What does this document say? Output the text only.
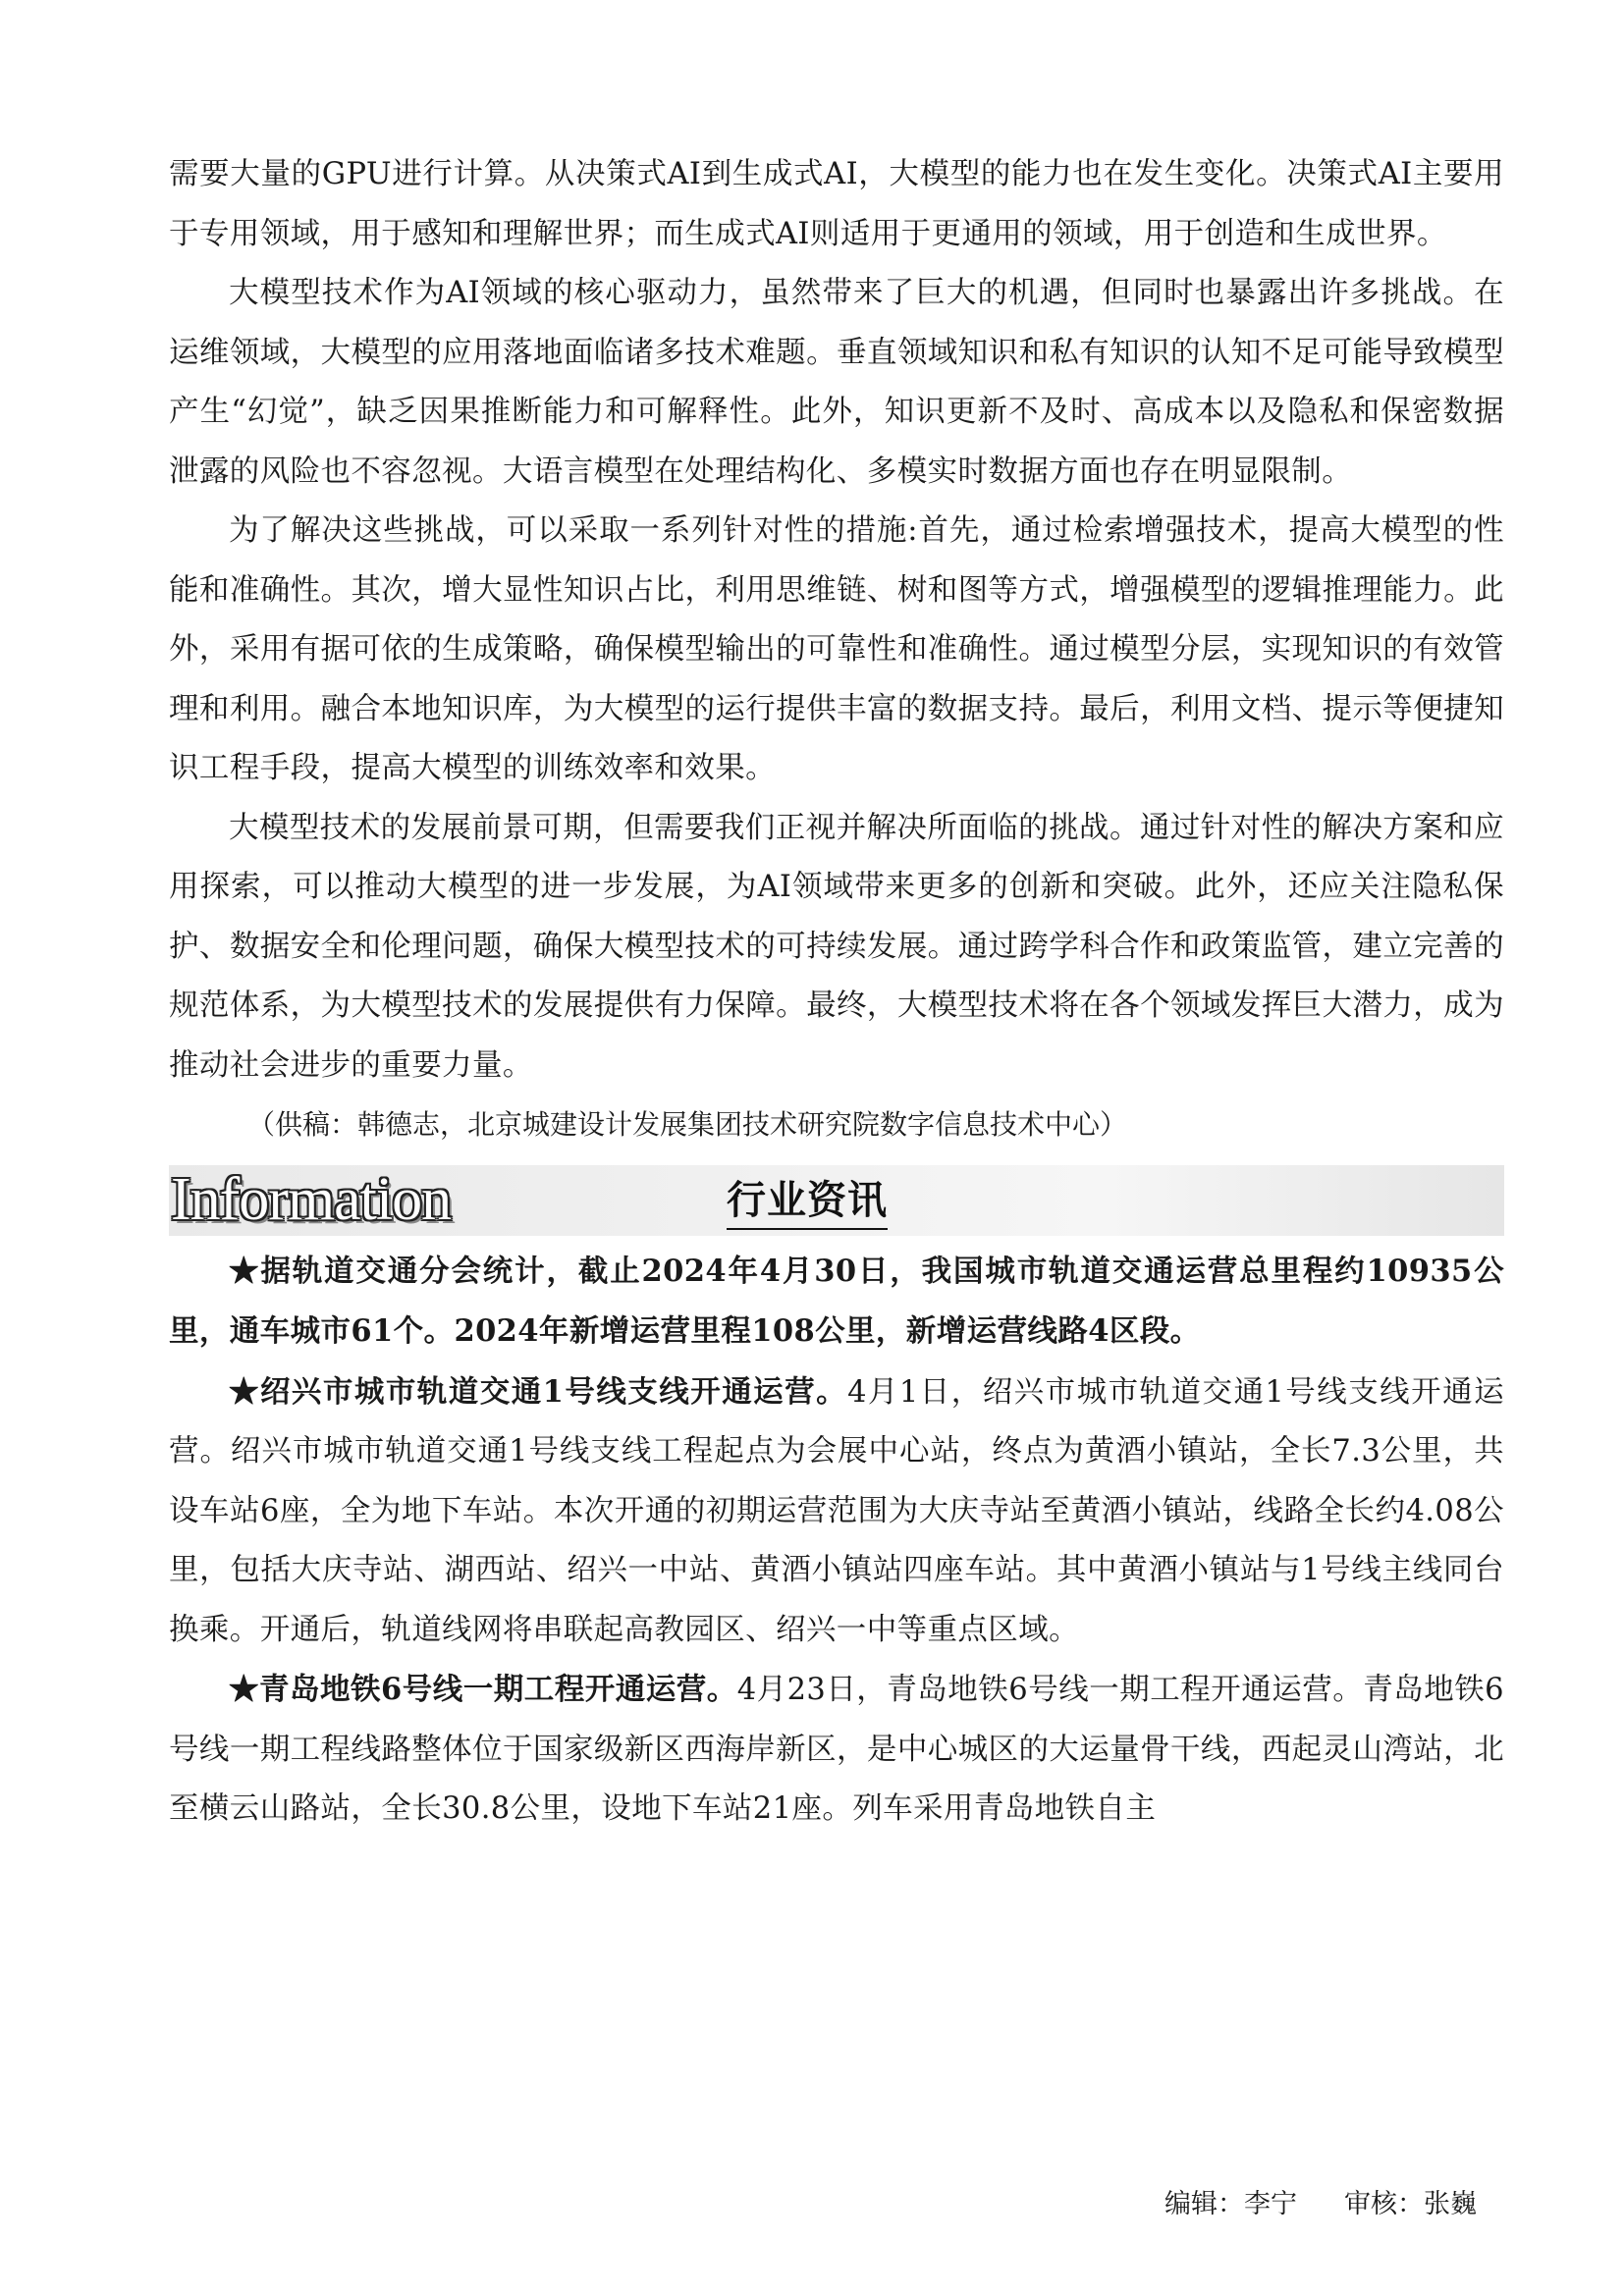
需要大量的GPU进行计算。从决策式AI到生成式AI，大模型的能力也在发生变化。决策式AI主要用于专用领域，用于感知和理解世界；而生成式AI则适用于更通用的领域，用于创造和生成世界。

大模型技术作为AI领域的核心驱动力，虽然带来了巨大的机遇，但同时也暴露出许多挑战。在运维领域，大模型的应用落地面临诸多技术难题。垂直领域知识和私有知识的认知不足可能导致模型产生“幻觉”，缺乏因果推断能力和可解释性。此外，知识更新不及时、高成本以及隐私和保密数据泄露的风险也不容忽视。大语言模型在处理结构化、多模实时数据方面也存在明显限制。

为了解决这些挑战，可以采取一系列针对性的措施:首先，通过检索增强技术，提高大模型的性能和准确性。其次，增大显性知识占比，利用思维链、树和图等方式，增强模型的逻辑推理能力。此外，采用有据可依的生成策略，确保模型输出的可靠性和准确性。通过模型分层，实现知识的有效管理和利用。融合本地知识库，为大模型的运行提供丰富的数据支持。最后，利用文档、提示等便捷知识工程手段，提高大模型的训练效率和效果。

大模型技术的发展前景可期，但需要我们正视并解决所面临的挑战。通过针对性的解决方案和应用探索，可以推动大模型的进一步发展，为AI领域带来更多的创新和突破。此外，还应关注隐私保护、数据安全和伦理问题，确保大模型技术的可持续发展。通过跨学科合作和政策监管，建立完善的规范体系，为大模型技术的发展提供有力保障。最终，大模型技术将在各个领域发挥巨大潜力，成为推动社会进步的重要力量。

（供稿：韩德志，北京城建设计发展集团技术研究院数字信息技术中心）

Information	行业资讯

★据轨道交通分会统计，截止2024年4月30日，我国城市轨道交通运营总里程约10935公里，通车城市61个。2024年新增运营里程108公里，新增运营线路4区段。

★绍兴市城市轨道交通1号线支线开通运营。4月1日，绍兴市城市轨道交通1号线支线开通运营。绍兴市城市轨道交通1号线支线工程起点为会展中心站，终点为黄酒小镇站，全长7.3公里，共设车站6座，全为地下车站。本次开通的初期运营范围为大庆寺站至黄酒小镇站，线路全长约4.08公里，包括大庆寺站、湖西站、绍兴一中站、黄酒小镇站四座车站。其中黄酒小镇站与1号线主线同台换乘。开通后，轨道线网将串联起高教园区、绍兴一中等重点区域。

★青岛地铁6号线一期工程开通运营。4月23日，青岛地铁6号线一期工程开通运营。青岛地铁6号线一期工程线路整体位于国家级新区西海岸新区，是中心城区的大运量骨干线，西起灵山湾站，北至横云山路站，全长30.8公里，设地下车站21座。列车采用青岛地铁自主

编辑：李宁 审核：张巍
